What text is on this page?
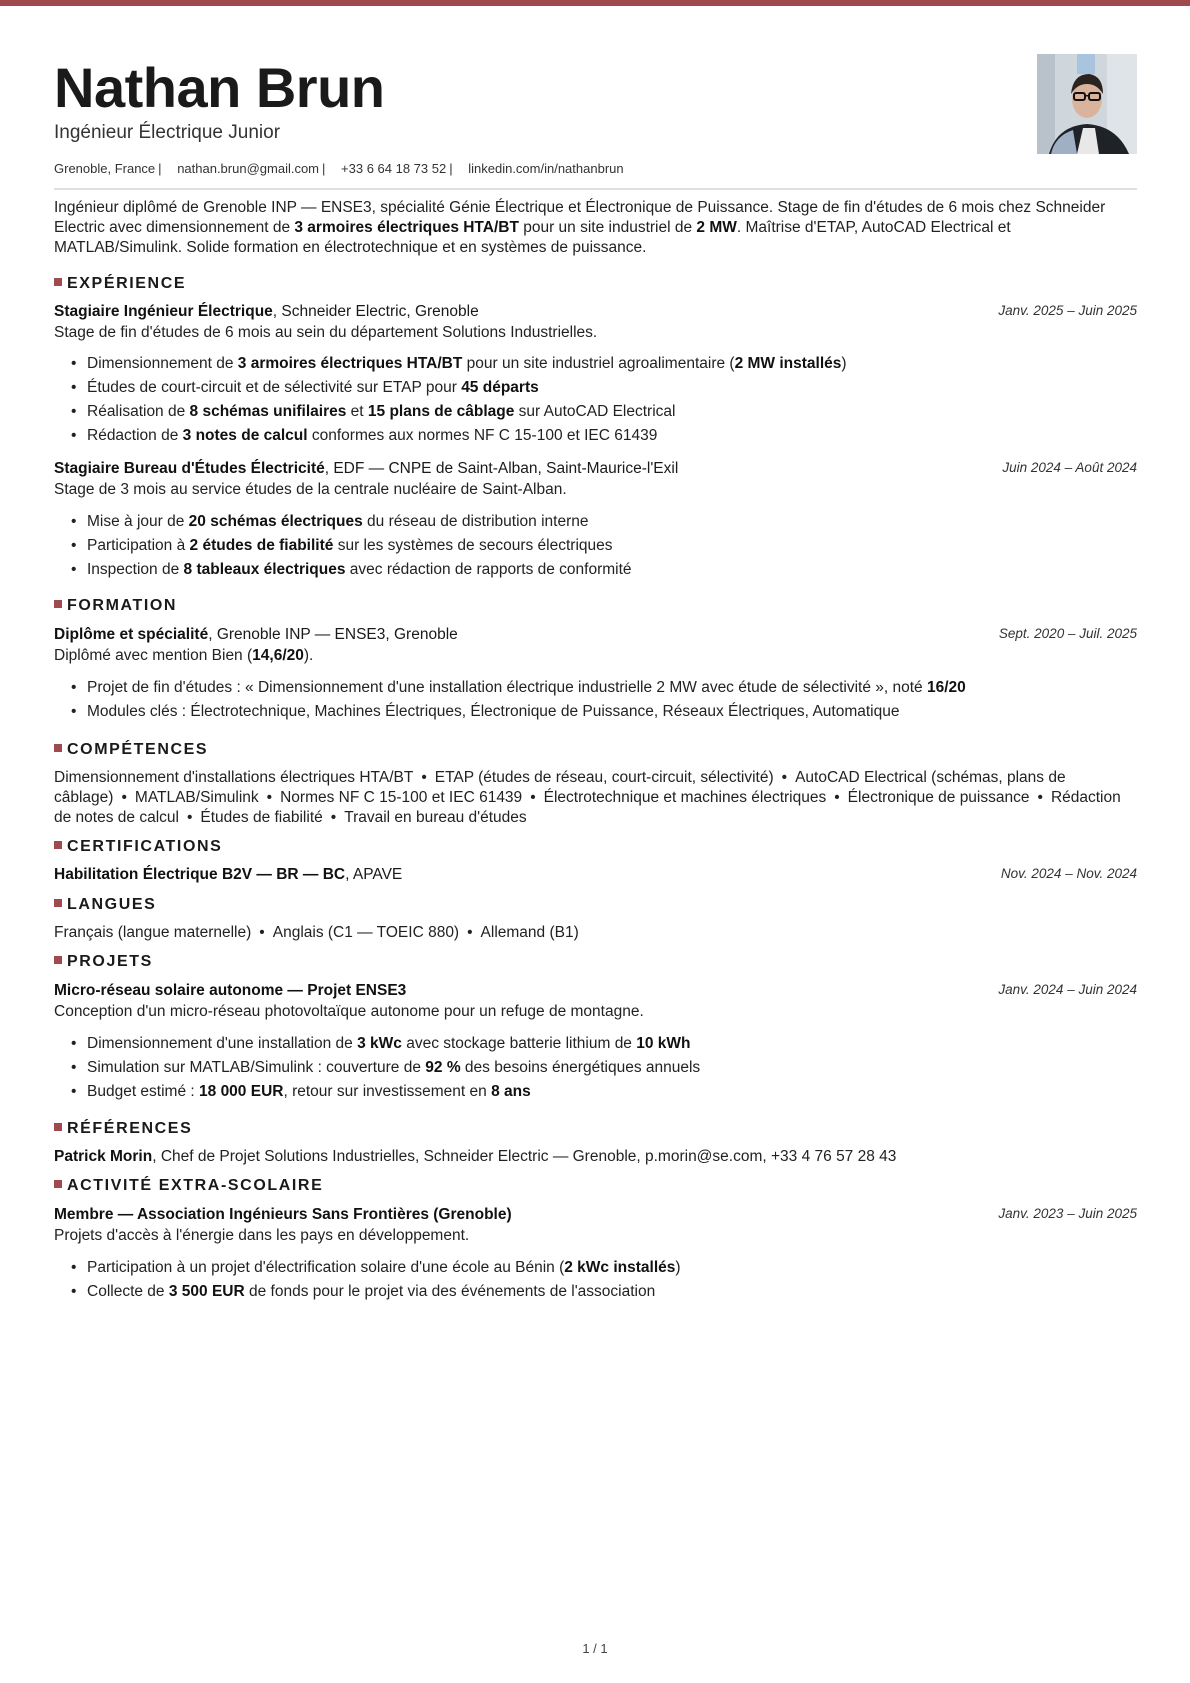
Nathan Brun
Ingénieur Électrique Junior
Grenoble, France | nathan.brun@gmail.com | +33 6 64 18 73 52 | linkedin.com/in/nathanbrun
Ingénieur diplômé de Grenoble INP — ENSE3, spécialité Génie Électrique et Électronique de Puissance. Stage de fin d'études de 6 mois chez Schneider Electric avec dimensionnement de 3 armoires électriques HTA/BT pour un site industriel de 2 MW. Maîtrise d'ETAP, AutoCAD Electrical et MATLAB/Simulink. Solide formation en électrotechnique et en systèmes de puissance.
EXPÉRIENCE
Stagiaire Ingénieur Électrique, Schneider Electric, Grenoble	Janv. 2025 – Juin 2025
Stage de fin d'études de 6 mois au sein du département Solutions Industrielles.
• Dimensionnement de 3 armoires électriques HTA/BT pour un site industriel agroalimentaire (2 MW installés)
• Études de court-circuit et de sélectivité sur ETAP pour 45 départs
• Réalisation de 8 schémas unifilaires et 15 plans de câblage sur AutoCAD Electrical
• Rédaction de 3 notes de calcul conformes aux normes NF C 15-100 et IEC 61439
Stagiaire Bureau d'Études Électricité, EDF — CNPE de Saint-Alban, Saint-Maurice-l'Exil	Juin 2024 – Août 2024
Stage de 3 mois au service études de la centrale nucléaire de Saint-Alban.
• Mise à jour de 20 schémas électriques du réseau de distribution interne
• Participation à 2 études de fiabilité sur les systèmes de secours électriques
• Inspection de 8 tableaux électriques avec rédaction de rapports de conformité
FORMATION
Diplôme et spécialité, Grenoble INP — ENSE3, Grenoble	Sept. 2020 – Juil. 2025
Diplômé avec mention Bien (14,6/20).
• Projet de fin d'études : « Dimensionnement d'une installation électrique industrielle 2 MW avec étude de sélectivité », noté 16/20
• Modules clés : Électrotechnique, Machines Électriques, Électronique de Puissance, Réseaux Électriques, Automatique
COMPÉTENCES
Dimensionnement d'installations électriques HTA/BT • ETAP (études de réseau, court-circuit, sélectivité) • AutoCAD Electrical (schémas, plans de câblage) • MATLAB/Simulink • Normes NF C 15-100 et IEC 61439 • Électrotechnique et machines électriques • Électronique de puissance • Rédaction de notes de calcul • Études de fiabilité • Travail en bureau d'études
CERTIFICATIONS
Habilitation Électrique B2V — BR — BC, APAVE	Nov. 2024 – Nov. 2024
LANGUES
Français (langue maternelle) • Anglais (C1 — TOEIC 880) • Allemand (B1)
PROJETS
Micro-réseau solaire autonome — Projet ENSE3	Janv. 2024 – Juin 2024
Conception d'un micro-réseau photovoltaïque autonome pour un refuge de montagne.
• Dimensionnement d'une installation de 3 kWc avec stockage batterie lithium de 10 kWh
• Simulation sur MATLAB/Simulink : couverture de 92 % des besoins énergétiques annuels
• Budget estimé : 18 000 EUR, retour sur investissement en 8 ans
RÉFÉRENCES
Patrick Morin, Chef de Projet Solutions Industrielles, Schneider Electric — Grenoble, p.morin@se.com, +33 4 76 57 28 43
ACTIVITÉ EXTRA-SCOLAIRE
Membre — Association Ingénieurs Sans Frontières (Grenoble)	Janv. 2023 – Juin 2025
Projets d'accès à l'énergie dans les pays en développement.
• Participation à un projet d'électrification solaire d'une école au Bénin (2 kWc installés)
• Collecte de 3 500 EUR de fonds pour le projet via des événements de l'association
1 / 1
